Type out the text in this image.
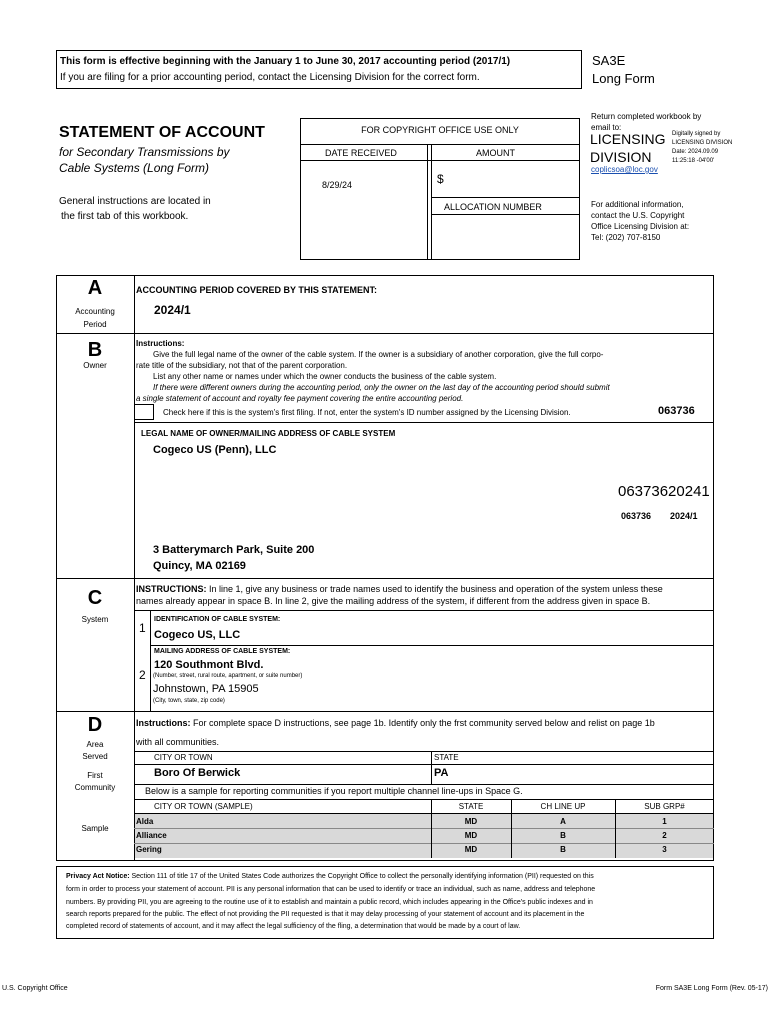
This form is effective beginning with the January 1 to June 30, 2017 accounting period (2017/1)
If you are filing for a prior accounting period, contact the Licensing Division for the correct form.
SA3E
Long Form
STATEMENT OF ACCOUNT
for Secondary Transmissions by
Cable Systems (Long Form)
General instructions are located in
the first tab of this workbook.
FOR COPYRIGHT OFFICE USE ONLY
DATE RECEIVED	AMOUNT
8/29/24	$
ALLOCATION NUMBER
Return completed workbook by
email to:
LICENSING
DIVISION
Digitally signed by
LICENSING DIVISION
Date: 2024.09.09
11:25:18 -04'00'
coplicsoa@loc.gov
For additional information,
contact the U.S. Copyright
Office Licensing Division at:
Tel: (202) 707-8150
A
Accounting
Period
ACCOUNTING PERIOD COVERED BY THIS STATEMENT:
2024/1
B
Owner
Instructions:
Give the full legal name of the owner of the cable system. If the owner is a subsidiary of another corporation, give the full corpo-
rate title of the subsidiary, not that of the parent corporation.
List any other name or names under which the owner conducts the business of the cable system.
If there were different owners during the accounting period, only the owner on the last day of the accounting period should submit
a single statement of account and royalty fee payment covering the entire accounting period.
Check here if this is the system's first filing. If not, enter the system's ID number assigned by the Licensing Division.	063736
LEGAL NAME OF OWNER/MAILING ADDRESS OF CABLE SYSTEM
Cogeco US (Penn), LLC
06373620241
063736 2024/1
3 Batterymarch Park, Suite 200
Quincy, MA 02169
C
System
INSTRUCTIONS: In line 1, give any business or trade names used to identify the business and operation of the system unless these
names already appear in space B. In line 2, give the mailing address of the system, if different from the address given in space B.
1
IDENTIFICATION OF CABLE SYSTEM:
Cogeco US, LLC
MAILING ADDRESS OF CABLE SYSTEM:
2
120 Southmont Blvd.
(Number, street, rural route, apartment, or suite number)
Johnstown, PA 15905
(City, town, state, zip code)
D
Area
Served
First
Community
Sample
Instructions: For complete space D instructions, see page 1b. Identify only the frst community served below and relist on page 1b
with all communities.
CITY OR TOWN	STATE
Boro Of Berwick	PA
Below is a sample for reporting communities if you report multiple channel line-ups in Space G.
CITY OR TOWN (SAMPLE)	STATE	CH LINE UP	SUB GRP#
Alda	MD	A	1
Alliance	MD	B	2
Gering	MD	B	3
Privacy Act Notice: Section 111 of title 17 of the United States Code authorizes the Copyright Office to collect the personally identifying information (PII) requested on this
form in order to process your statement of account. PII is any personal information that can be used to identify or trace an individual, such as name, address and telephone
numbers. By providing PII, you are agreeing to the routine use of it to establish and maintain a public record, which includes appearing in the Office's public indexes and in
search reports prepared for the public. The effect of not providing the PII requested is that it may delay processing of your statement of account and its placement in the
completed record of statements of account, and it may affect the legal sufficiency of the fling, a determination that would be made by a court of law.
U.S. Copyright Office	Form SA3E Long Form (Rev. 05-17)
